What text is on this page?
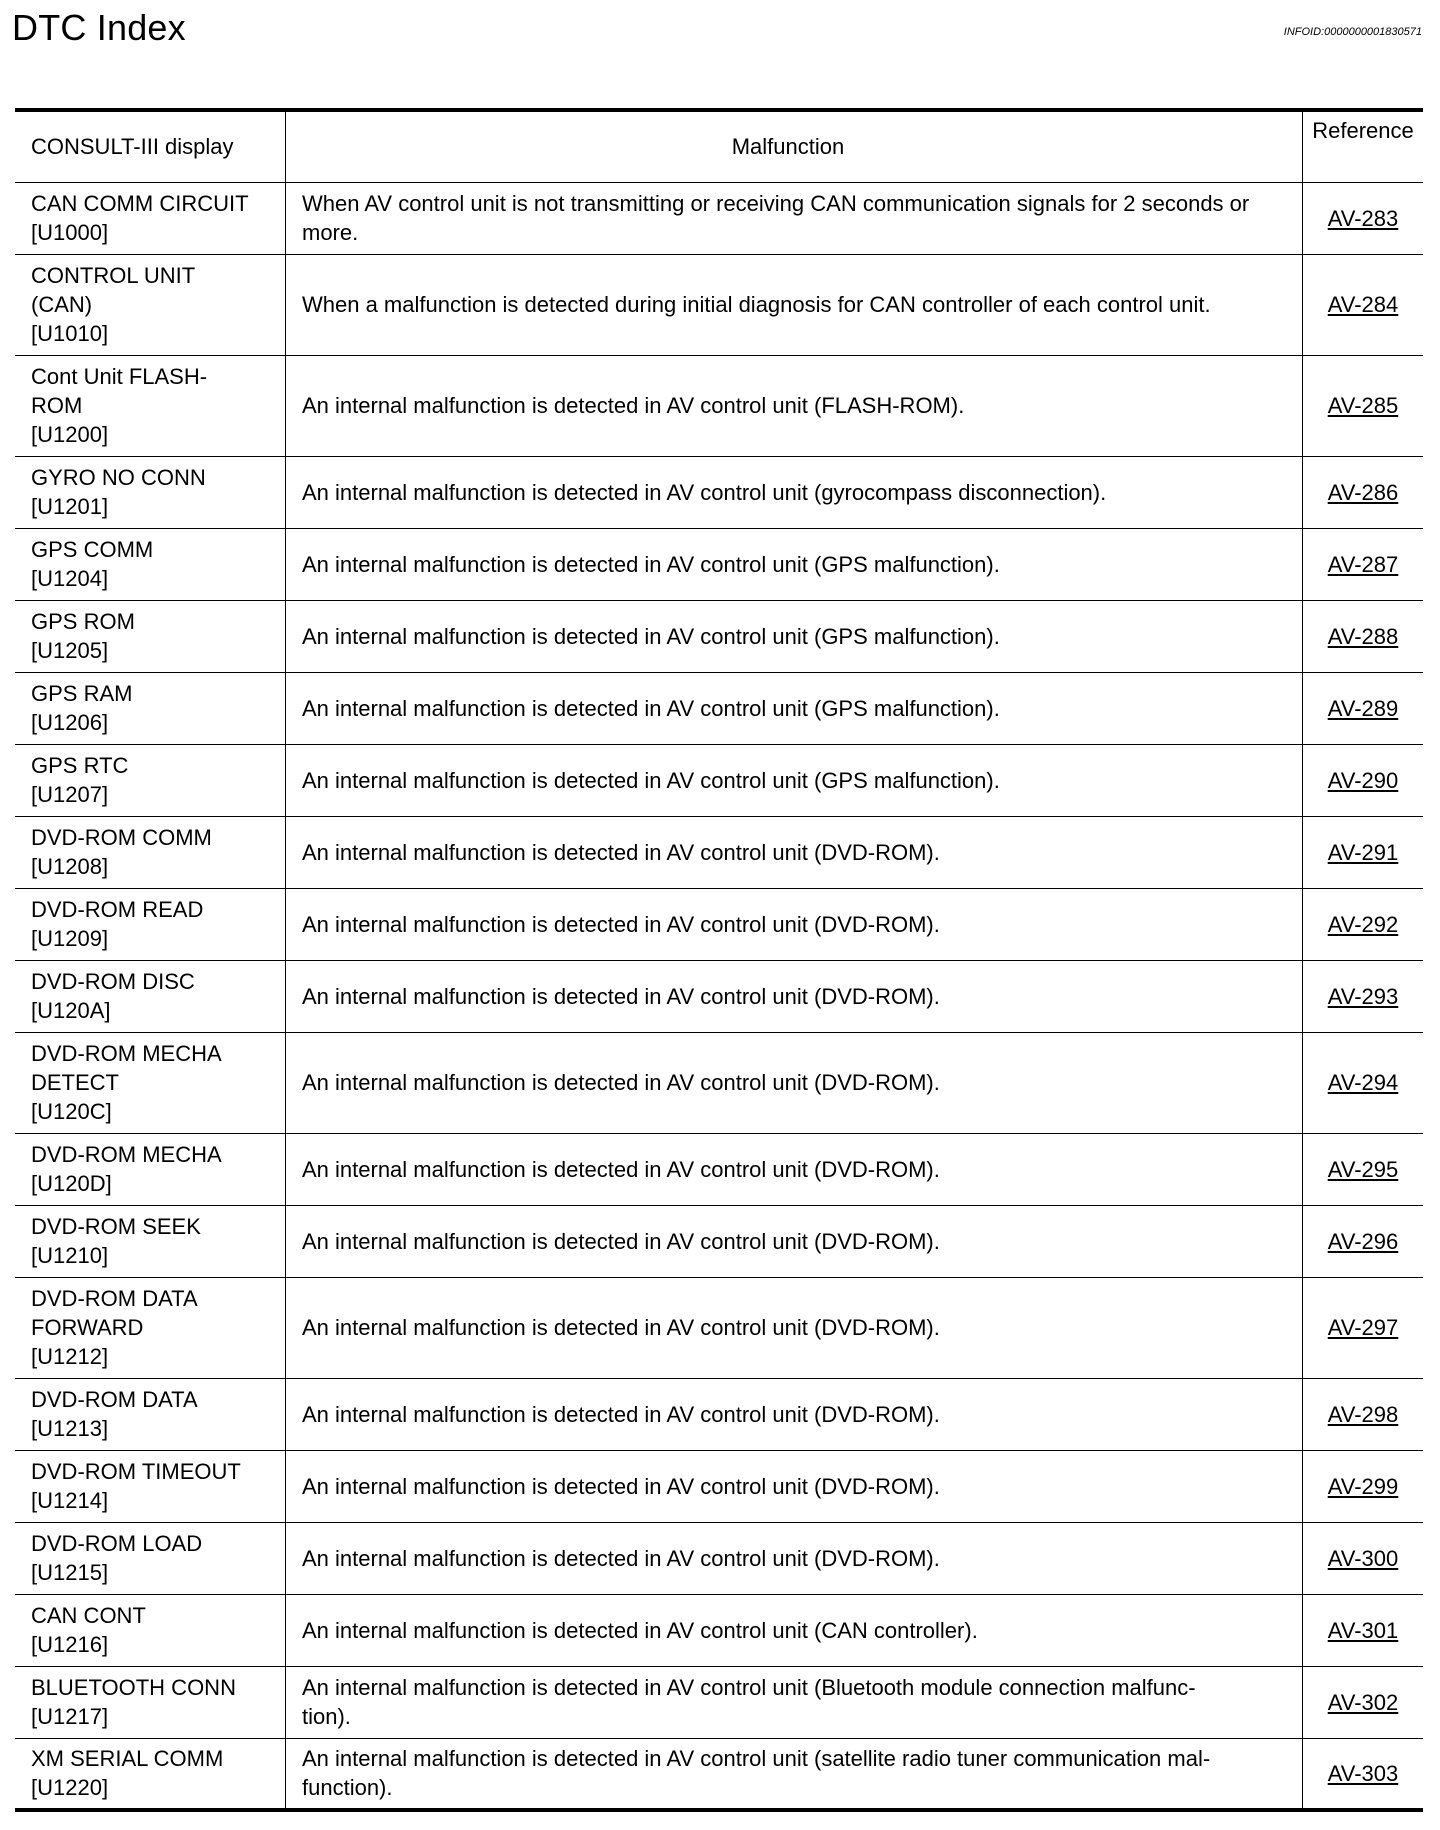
DTC Index	INFOID:0000000001830571
CONSULT-III display	Malfunction	Reference
CAN COMM CIRCUIT
[U1000]	When AV control unit is not transmitting or receiving CAN communication signals for 2 seconds or more.	AV-283
CONTROL UNIT
(CAN)
[U1010]	When a malfunction is detected during initial diagnosis for CAN controller of each control unit.	AV-284
Cont Unit FLASH-
ROM
[U1200]	An internal malfunction is detected in AV control unit (FLASH-ROM).	AV-285
GYRO NO CONN
[U1201]	An internal malfunction is detected in AV control unit (gyrocompass disconnection).	AV-286
GPS COMM
[U1204]	An internal malfunction is detected in AV control unit (GPS malfunction).	AV-287
GPS ROM
[U1205]	An internal malfunction is detected in AV control unit (GPS malfunction).	AV-288
GPS RAM
[U1206]	An internal malfunction is detected in AV control unit (GPS malfunction).	AV-289
GPS RTC
[U1207]	An internal malfunction is detected in AV control unit (GPS malfunction).	AV-290
DVD-ROM COMM
[U1208]	An internal malfunction is detected in AV control unit (DVD-ROM).	AV-291
DVD-ROM READ
[U1209]	An internal malfunction is detected in AV control unit (DVD-ROM).	AV-292
DVD-ROM DISC
[U120A]	An internal malfunction is detected in AV control unit (DVD-ROM).	AV-293
DVD-ROM MECHA
DETECT
[U120C]	An internal malfunction is detected in AV control unit (DVD-ROM).	AV-294
DVD-ROM MECHA
[U120D]	An internal malfunction is detected in AV control unit (DVD-ROM).	AV-295
DVD-ROM SEEK
[U1210]	An internal malfunction is detected in AV control unit (DVD-ROM).	AV-296
DVD-ROM DATA
FORWARD
[U1212]	An internal malfunction is detected in AV control unit (DVD-ROM).	AV-297
DVD-ROM DATA
[U1213]	An internal malfunction is detected in AV control unit (DVD-ROM).	AV-298
DVD-ROM TIMEOUT
[U1214]	An internal malfunction is detected in AV control unit (DVD-ROM).	AV-299
DVD-ROM LOAD
[U1215]	An internal malfunction is detected in AV control unit (DVD-ROM).	AV-300
CAN CONT
[U1216]	An internal malfunction is detected in AV control unit (CAN controller).	AV-301
BLUETOOTH CONN
[U1217]	An internal malfunction is detected in AV control unit (Bluetooth module connection malfunc-
tion).	AV-302
XM SERIAL COMM
[U1220]	An internal malfunction is detected in AV control unit (satellite radio tuner communication mal-
function).	AV-303
